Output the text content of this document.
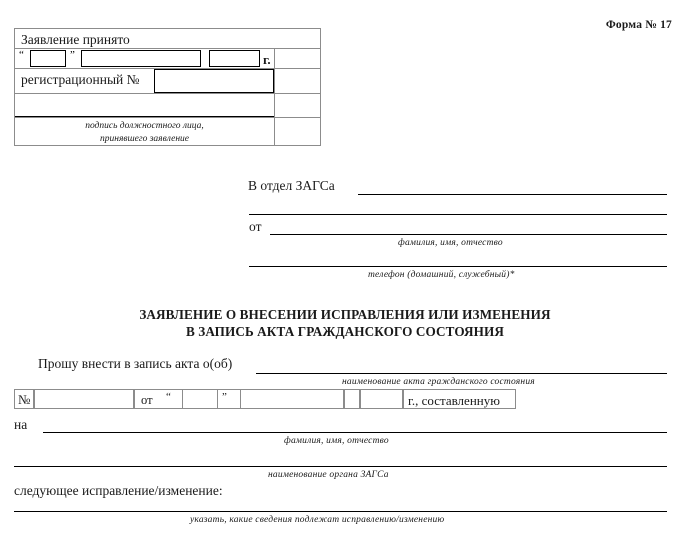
Форма № 17
Заявление принято
“	”	г.
регистрационный №
подпись должностного лица,
принявшего заявление
В отдел ЗАГСа
от
фамилия, имя, отчество
телефон (домашний, служебный)*
ЗАЯВЛЕНИЕ О ВНЕСЕНИИ ИСПРАВЛЕНИЯ ИЛИ ИЗМЕНЕНИЯ
В ЗАПИСЬ АКТА ГРАЖДАНСКОГО СОСТОЯНИЯ
Прошу внести в запись акта о(об)
наименование акта гражданского состояния
№	от “	”	г., составленную
на
фамилия, имя, отчество
наименование органа ЗАГСа
следующее исправление/изменение:
указать, какие сведения подлежат исправлению/изменению
